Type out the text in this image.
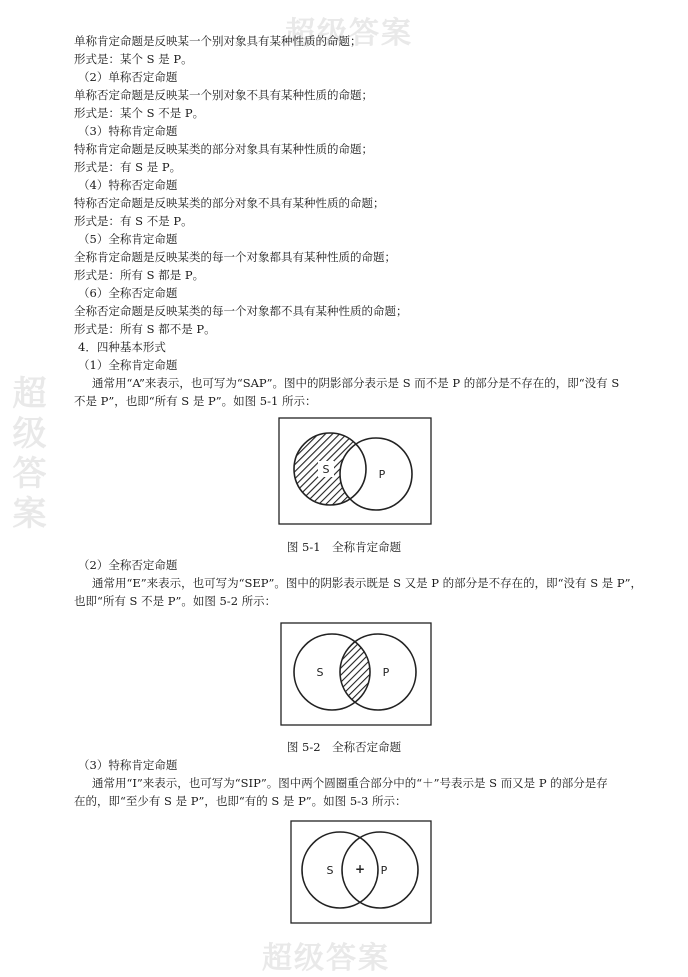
超级答案
超级答案
超级答案
单称肯定命题是反映某一个别对象具有某种性质的命题；
形式是：某个 S 是 P。
（2）单称否定命题
单称否定命题是反映某一个别对象不具有某种性质的命题；
形式是：某个 S 不是 P。
（3）特称肯定命题
特称肯定命题是反映某类的部分对象具有某种性质的命题；
形式是：有 S 是 P。
（4）特称否定命题
特称否定命题是反映某类的部分对象不具有某种性质的命题；
形式是：有 S 不是 P。
（5）全称肯定命题
全称肯定命题是反映某类的每一个对象都具有某种性质的命题；
形式是：所有 S 都是 P。
（6）全称否定命题
全称否定命题是反映某类的每一个对象都不具有某种性质的命题；
形式是：所有 S 都不是 P。
4．四种基本形式
（1）全称肯定命题
通常用“A”来表示，也可写为“SAP”。图中的阴影部分表示是 S 而不是 P 的部分是不存在的，即“没有 S
不是 P”，也即“所有 S 是 P”。如图 5-1 所示：
S	P
图 5-1　全称肯定命题
（2）全称否定命题
通常用“E”来表示，也可写为“SEP”。图中的阴影表示既是 S 又是 P 的部分是不存在的，即“没有 S 是 P”，
也即“所有 S 不是 P”。如图 5-2 所示：
S	P
图 5-2　全称否定命题
（3）特称肯定命题
通常用“I”来表示，也可写为“SIP”。图中两个圆圈重合部分中的“＋”号表示是 S 而又是 P 的部分是存
在的，即“至少有 S 是 P”，也即“有的 S 是 P”。如图 5-3 所示：
S + P
